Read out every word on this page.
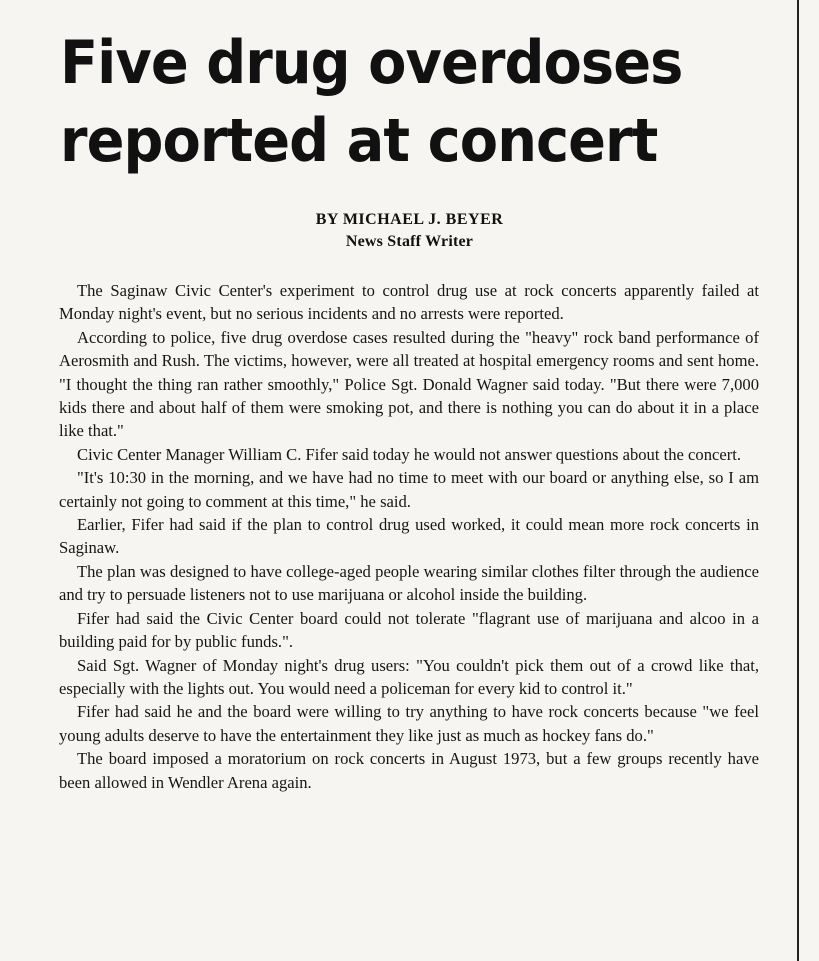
Five drug overdoses
reported at concert
BY MICHAEL J. BEYER
News Staff Writer

The Saginaw Civic Center's experiment to control drug use at rock concerts apparently failed at Monday night's event, but no serious incidents and no arrests were reported.

According to police, five drug overdose cases resulted during the "heavy" rock band performance of Aerosmith and Rush. The victims, however, were all treated at hospital emergency rooms and sent home. "I thought the thing ran rather smoothly," Police Sgt. Donald Wagner said today. "But there were 7,000 kids there and about half of them were smoking pot, and there is nothing you can do about it in a place like that."

Civic Center Manager William C. Fifer said today he would not answer questions about the concert.

"It's 10:30 in the morning, and we have had no time to meet with our board or anything else, so I am certainly not going to comment at this time," he said.

Earlier, Fifer had said if the plan to control drug used worked, it could mean more rock concerts in Saginaw.

The plan was designed to have college-aged people wearing similar clothes filter through the audience and try to persuade listeners not to use marijuana or alcohol inside the building.

Fifer had said the Civic Center board could not tolerate "flagrant use of marijuana and alcoo in a building paid for by public funds.".

Said Sgt. Wagner of Monday night's drug users: "You couldn't pick them out of a crowd like that, especially with the lights out. You would need a policeman for every kid to control it."

Fifer had said he and the board were willing to try anything to have rock concerts because "we feel young adults deserve to have the entertainment they like just as much as hockey fans do."

The board imposed a moratorium on rock concerts in August 1973, but a few groups recently have been allowed in Wendler Arena again.
